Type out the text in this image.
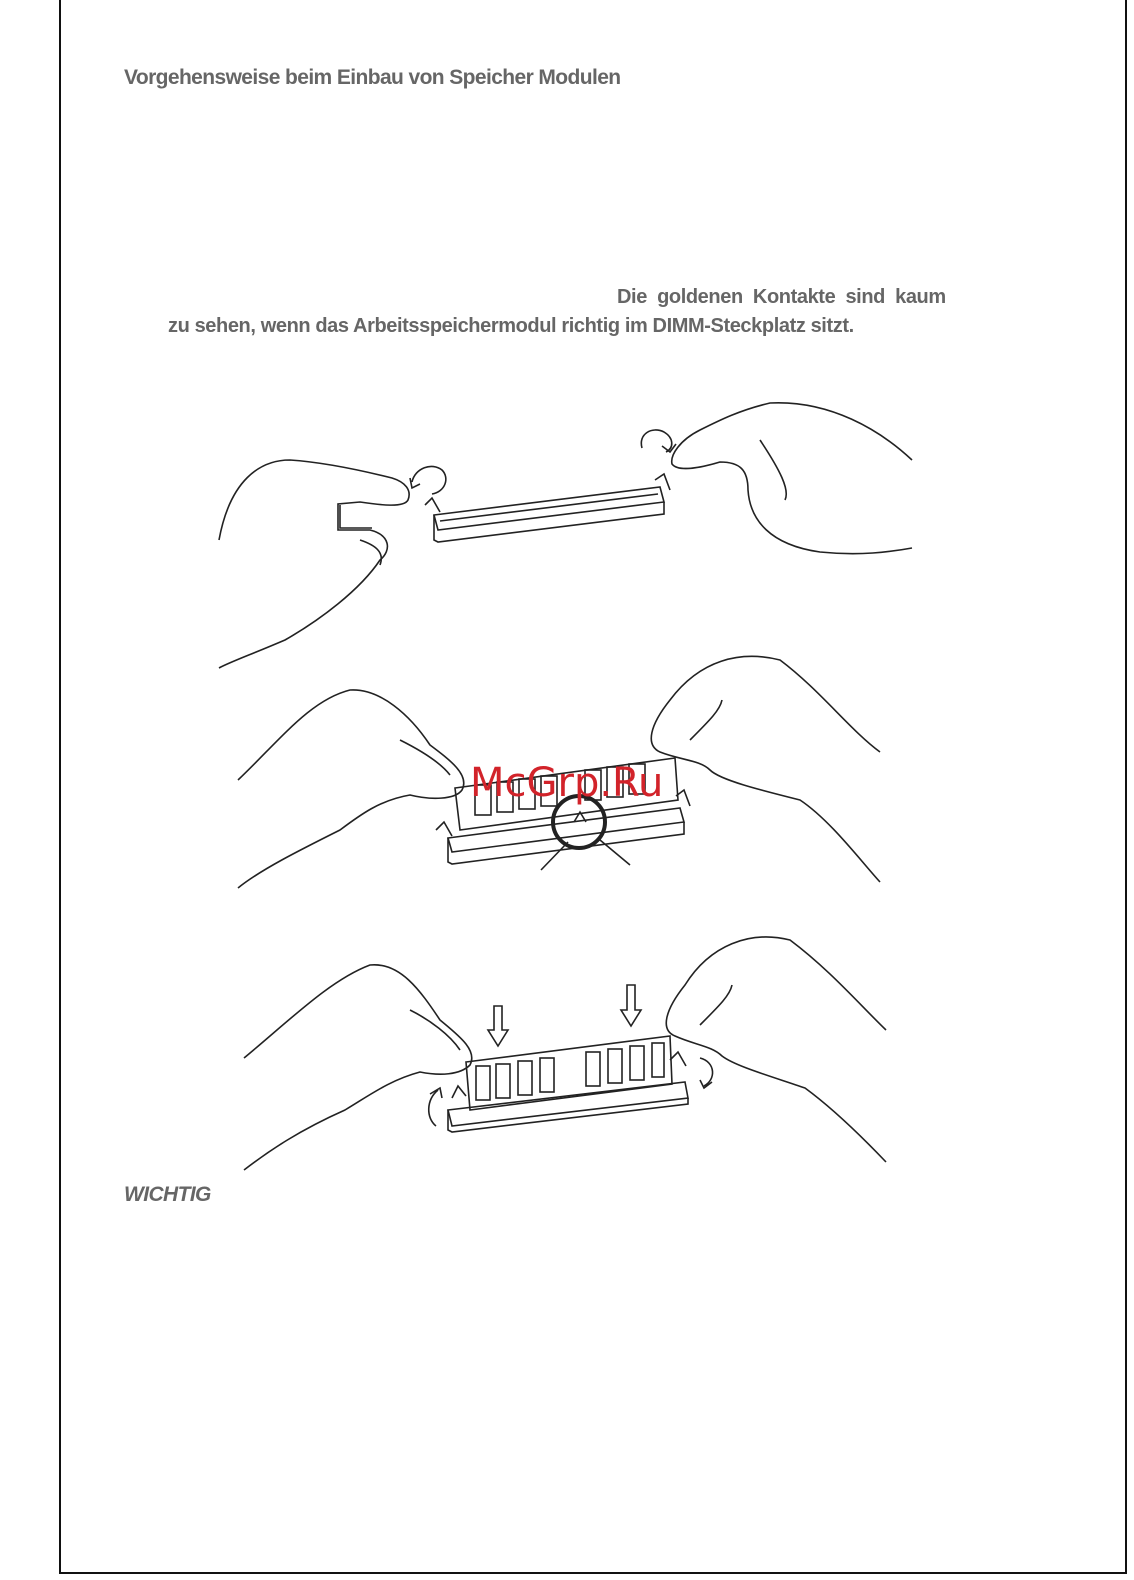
Vorgehensweise beim Einbau von Speicher Modulen
Die goldenen Kontakte sind kaum
zu sehen, wenn das Arbeitsspeichermodul richtig im DIMM-Steckplatz sitzt.
McGrp.Ru
WICHTIG
